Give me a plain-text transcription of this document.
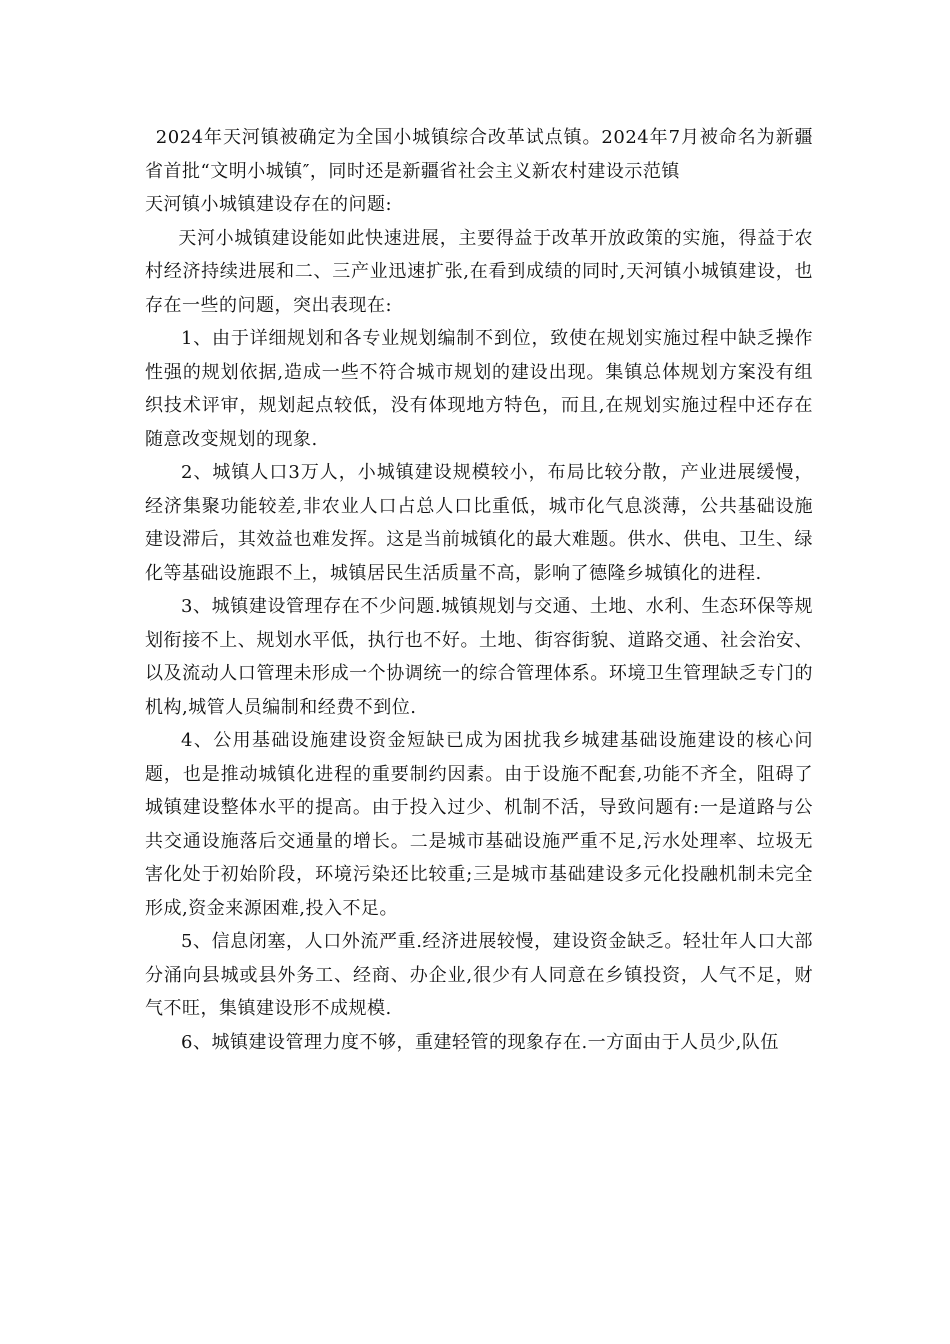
2024年天河镇被确定为全国小城镇综合改革试点镇。2024年7月被命名为新疆省首批“文明小城镇″，同时还是新疆省社会主义新农村建设示范镇

天河镇小城镇建设存在的问题:

天河小城镇建设能如此快速进展，主要得益于改革开放政策的实施，得益于农村经济持续进展和二、三产业迅速扩张,在看到成绩的同时,天河镇小城镇建设，也存在一些的问题，突出表现在:

1、由于详细规划和各专业规划编制不到位，致使在规划实施过程中缺乏操作性强的规划依据,造成一些不符合城市规划的建设出现。集镇总体规划方案没有组织技术评审，规划起点较低，没有体现地方特色，而且,在规划实施过程中还存在随意改变规划的现象.

2、城镇人口3万人，小城镇建设规模较小，布局比较分散，产业进展缓慢，经济集聚功能较差,非农业人口占总人口比重低，城市化气息淡薄，公共基础设施建设滞后，其效益也难发挥。这是当前城镇化的最大难题。供水、供电、卫生、绿化等基础设施跟不上，城镇居民生活质量不高，影响了德隆乡城镇化的进程.

3、城镇建设管理存在不少问题.城镇规划与交通、土地、水利、生态环保等规划衔接不上、规划水平低，执行也不好。土地、街容街貌、道路交通、社会治安、以及流动人口管理未形成一个协调统一的综合管理体系。环境卫生管理缺乏专门的机构,城管人员编制和经费不到位.

4、公用基础设施建设资金短缺已成为困扰我乡城建基础设施建设的核心问题，也是推动城镇化进程的重要制约因素。由于设施不配套,功能不齐全，阻碍了城镇建设整体水平的提高。由于投入过少、机制不活，导致问题有:一是道路与公共交通设施落后交通量的增长。二是城市基础设施严重不足,污水处理率、垃圾无害化处于初始阶段，环境污染还比较重;三是城市基础建设多元化投融机制未完全形成,资金来源困难,投入不足。

5、信息闭塞，人口外流严重.经济进展较慢，建设资金缺乏。轻壮年人口大部分涌向县城或县外务工、经商、办企业,很少有人同意在乡镇投资，人气不足，财气不旺，集镇建设形不成规模.

6、城镇建设管理力度不够，重建轻管的现象存在.一方面由于人员少,队伍
